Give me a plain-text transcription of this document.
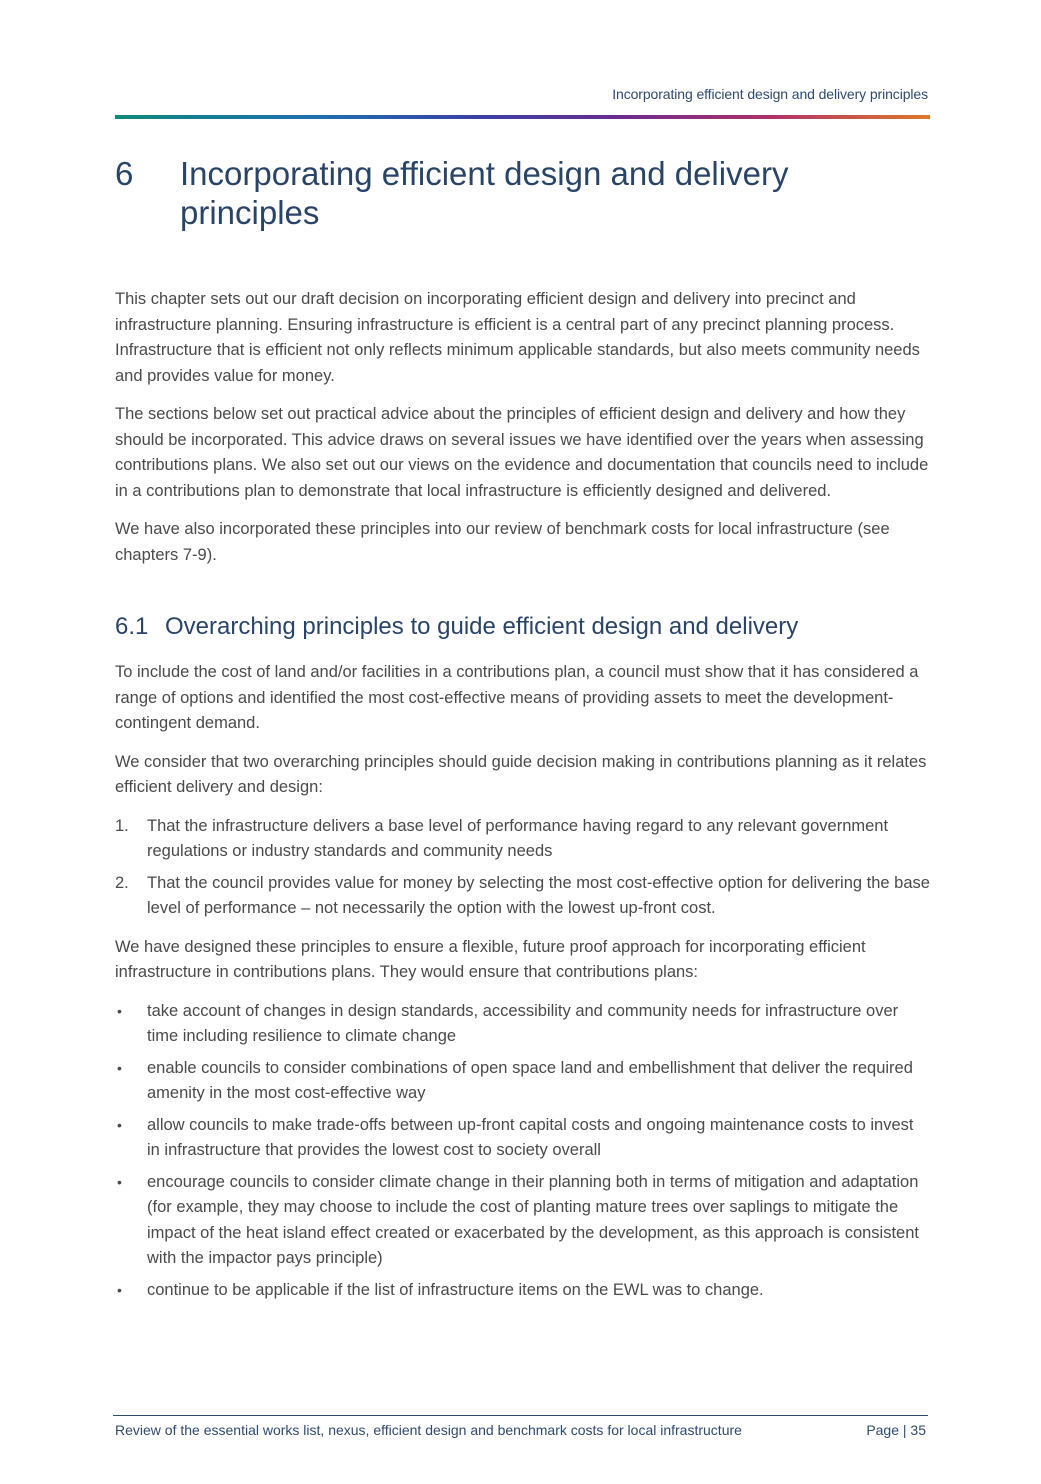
Incorporating efficient design and delivery principles
6 Incorporating efficient design and delivery principles

This chapter sets out our draft decision on incorporating efficient design and delivery into precinct and infrastructure planning. Ensuring infrastructure is efficient is a central part of any precinct planning process. Infrastructure that is efficient not only reflects minimum applicable standards, but also meets community needs and provides value for money.

The sections below set out practical advice about the principles of efficient design and delivery and how they should be incorporated. This advice draws on several issues we have identified over the years when assessing contributions plans. We also set out our views on the evidence and documentation that councils need to include in a contributions plan to demonstrate that local infrastructure is efficiently designed and delivered.

We have also incorporated these principles into our review of benchmark costs for local infrastructure (see chapters 7-9).

6.1 Overarching principles to guide efficient design and delivery

To include the cost of land and/or facilities in a contributions plan, a council must show that it has considered a range of options and identified the most cost-effective means of providing assets to meet the development-contingent demand.

We consider that two overarching principles should guide decision making in contributions planning as it relates efficient delivery and design:

1. That the infrastructure delivers a base level of performance having regard to any relevant government regulations or industry standards and community needs
2. That the council provides value for money by selecting the most cost-effective option for delivering the base level of performance – not necessarily the option with the lowest up-front cost.

We have designed these principles to ensure a flexible, future proof approach for incorporating efficient infrastructure in contributions plans. They would ensure that contributions plans:

• take account of changes in design standards, accessibility and community needs for infrastructure over time including resilience to climate change
• enable councils to consider combinations of open space land and embellishment that deliver the required amenity in the most cost-effective way
• allow councils to make trade-offs between up-front capital costs and ongoing maintenance costs to invest in infrastructure that provides the lowest cost to society overall
• encourage councils to consider climate change in their planning both in terms of mitigation and adaptation (for example, they may choose to include the cost of planting mature trees over saplings to mitigate the impact of the heat island effect created or exacerbated by the development, as this approach is consistent with the impactor pays principle)
• continue to be applicable if the list of infrastructure items on the EWL was to change.
Review of the essential works list, nexus, efficient design and benchmark costs for local infrastructure	Page | 35
